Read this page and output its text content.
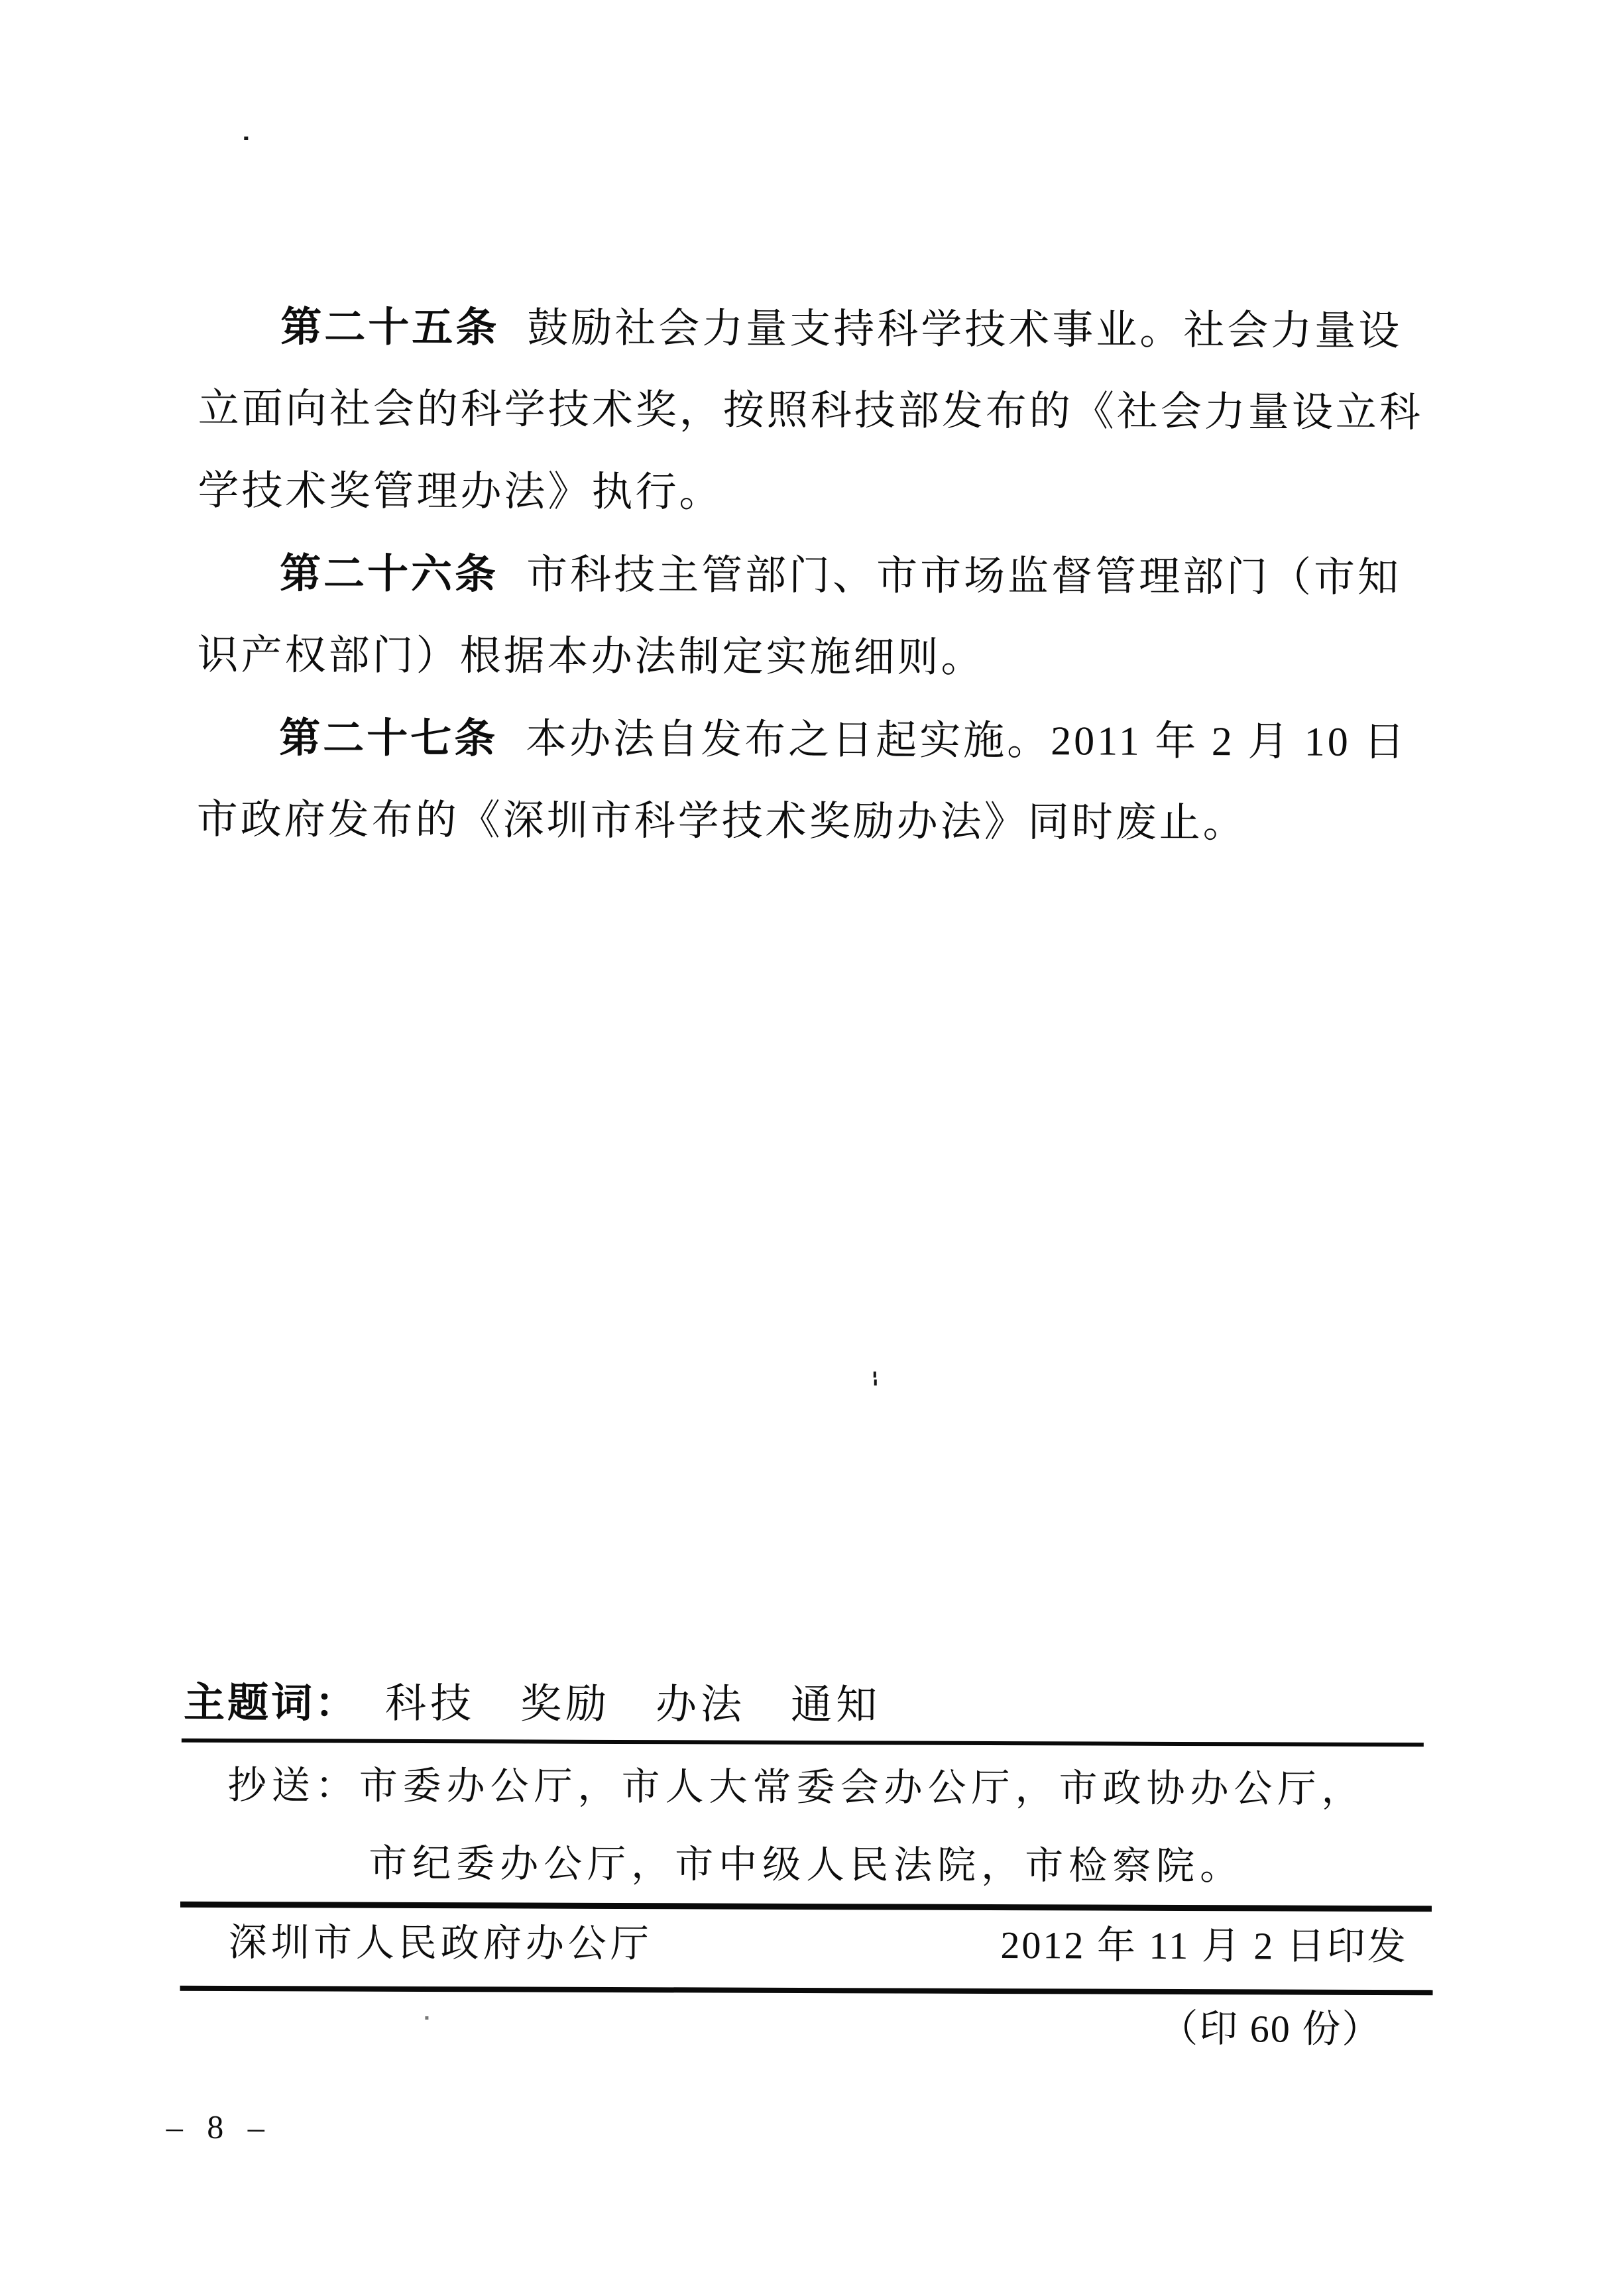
第二十五条 鼓励社会力量支持科学技术事业。社会力量设
立面向社会的科学技术奖，按照科技部发布的《社会力量设立科
学技术奖管理办法》执行。
第二十六条 市科技主管部门、市市场监督管理部门（市知
识产权部门）根据本办法制定实施细则。
第二十七条 本办法自发布之日起实施。2011 年 2 月 10 日
市政府发布的《深圳市科学技术奖励办法》同时废止。
主题词： 科技　奖励　办法　通知
抄送：市委办公厅，市人大常委会办公厅，市政协办公厅，
市纪委办公厅，市中级人民法院，市检察院。
深圳市人民政府办公厅	2012 年 11 月 2 日印发
（印 60 份）
– 8 –
